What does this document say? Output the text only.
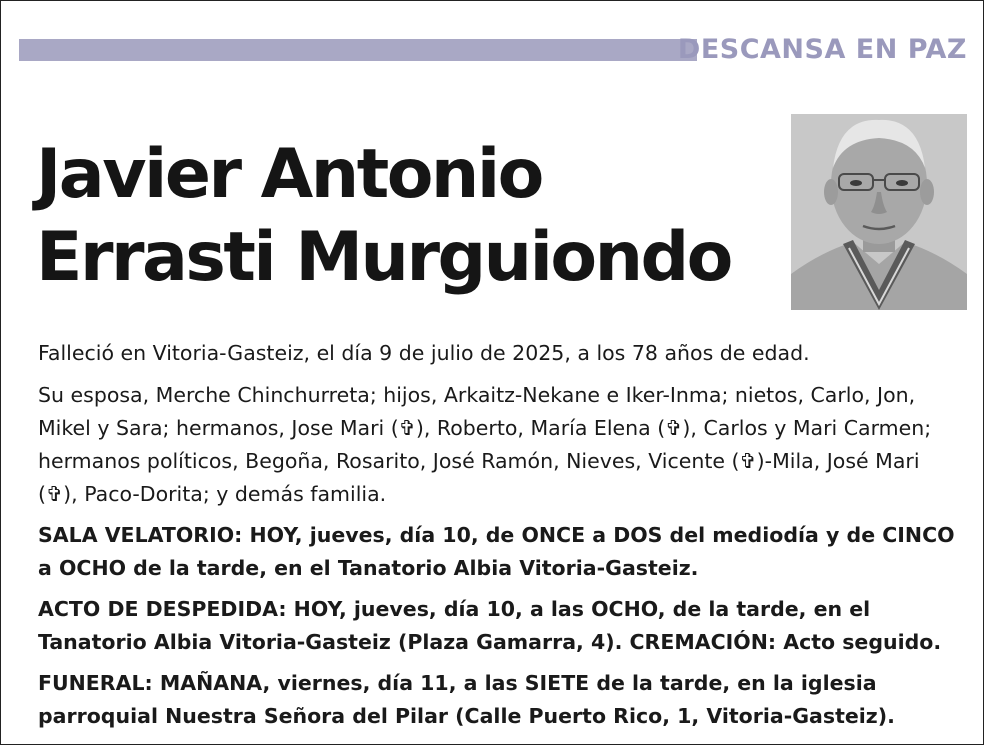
DESCANSA EN PAZ
Javier Antonio
Errasti Murguiondo

Falleció en Vitoria-Gasteiz, el día 9 de julio de 2025, a los 78 años de edad.

Su esposa, Merche Chinchurreta; hijos, Arkaitz-Nekane e Iker-Inma; nietos, Carlo, Jon, Mikel y Sara; hermanos, Jose Mari (✞), Roberto, María Elena (✞), Carlos y Mari Carmen; hermanos políticos, Begoña, Rosarito, José Ramón, Nieves, Vicente (✞)-Mila, José Mari (✞), Paco-Dorita; y demás familia.

SALA VELATORIO: HOY, jueves, día 10, de ONCE a DOS del mediodía y de CINCO a OCHO de la tarde, en el Tanatorio Albia Vitoria-Gasteiz.

ACTO DE DESPEDIDA: HOY, jueves, día 10, a las OCHO, de la tarde, en el Tanatorio Albia Vitoria-Gasteiz (Plaza Gamarra, 4). CREMACIÓN: Acto seguido.

FUNERAL: MAÑANA, viernes, día 11, a las SIETE de la tarde, en la iglesia parroquial Nuestra Señora del Pilar (Calle Puerto Rico, 1, Vitoria-Gasteiz).
